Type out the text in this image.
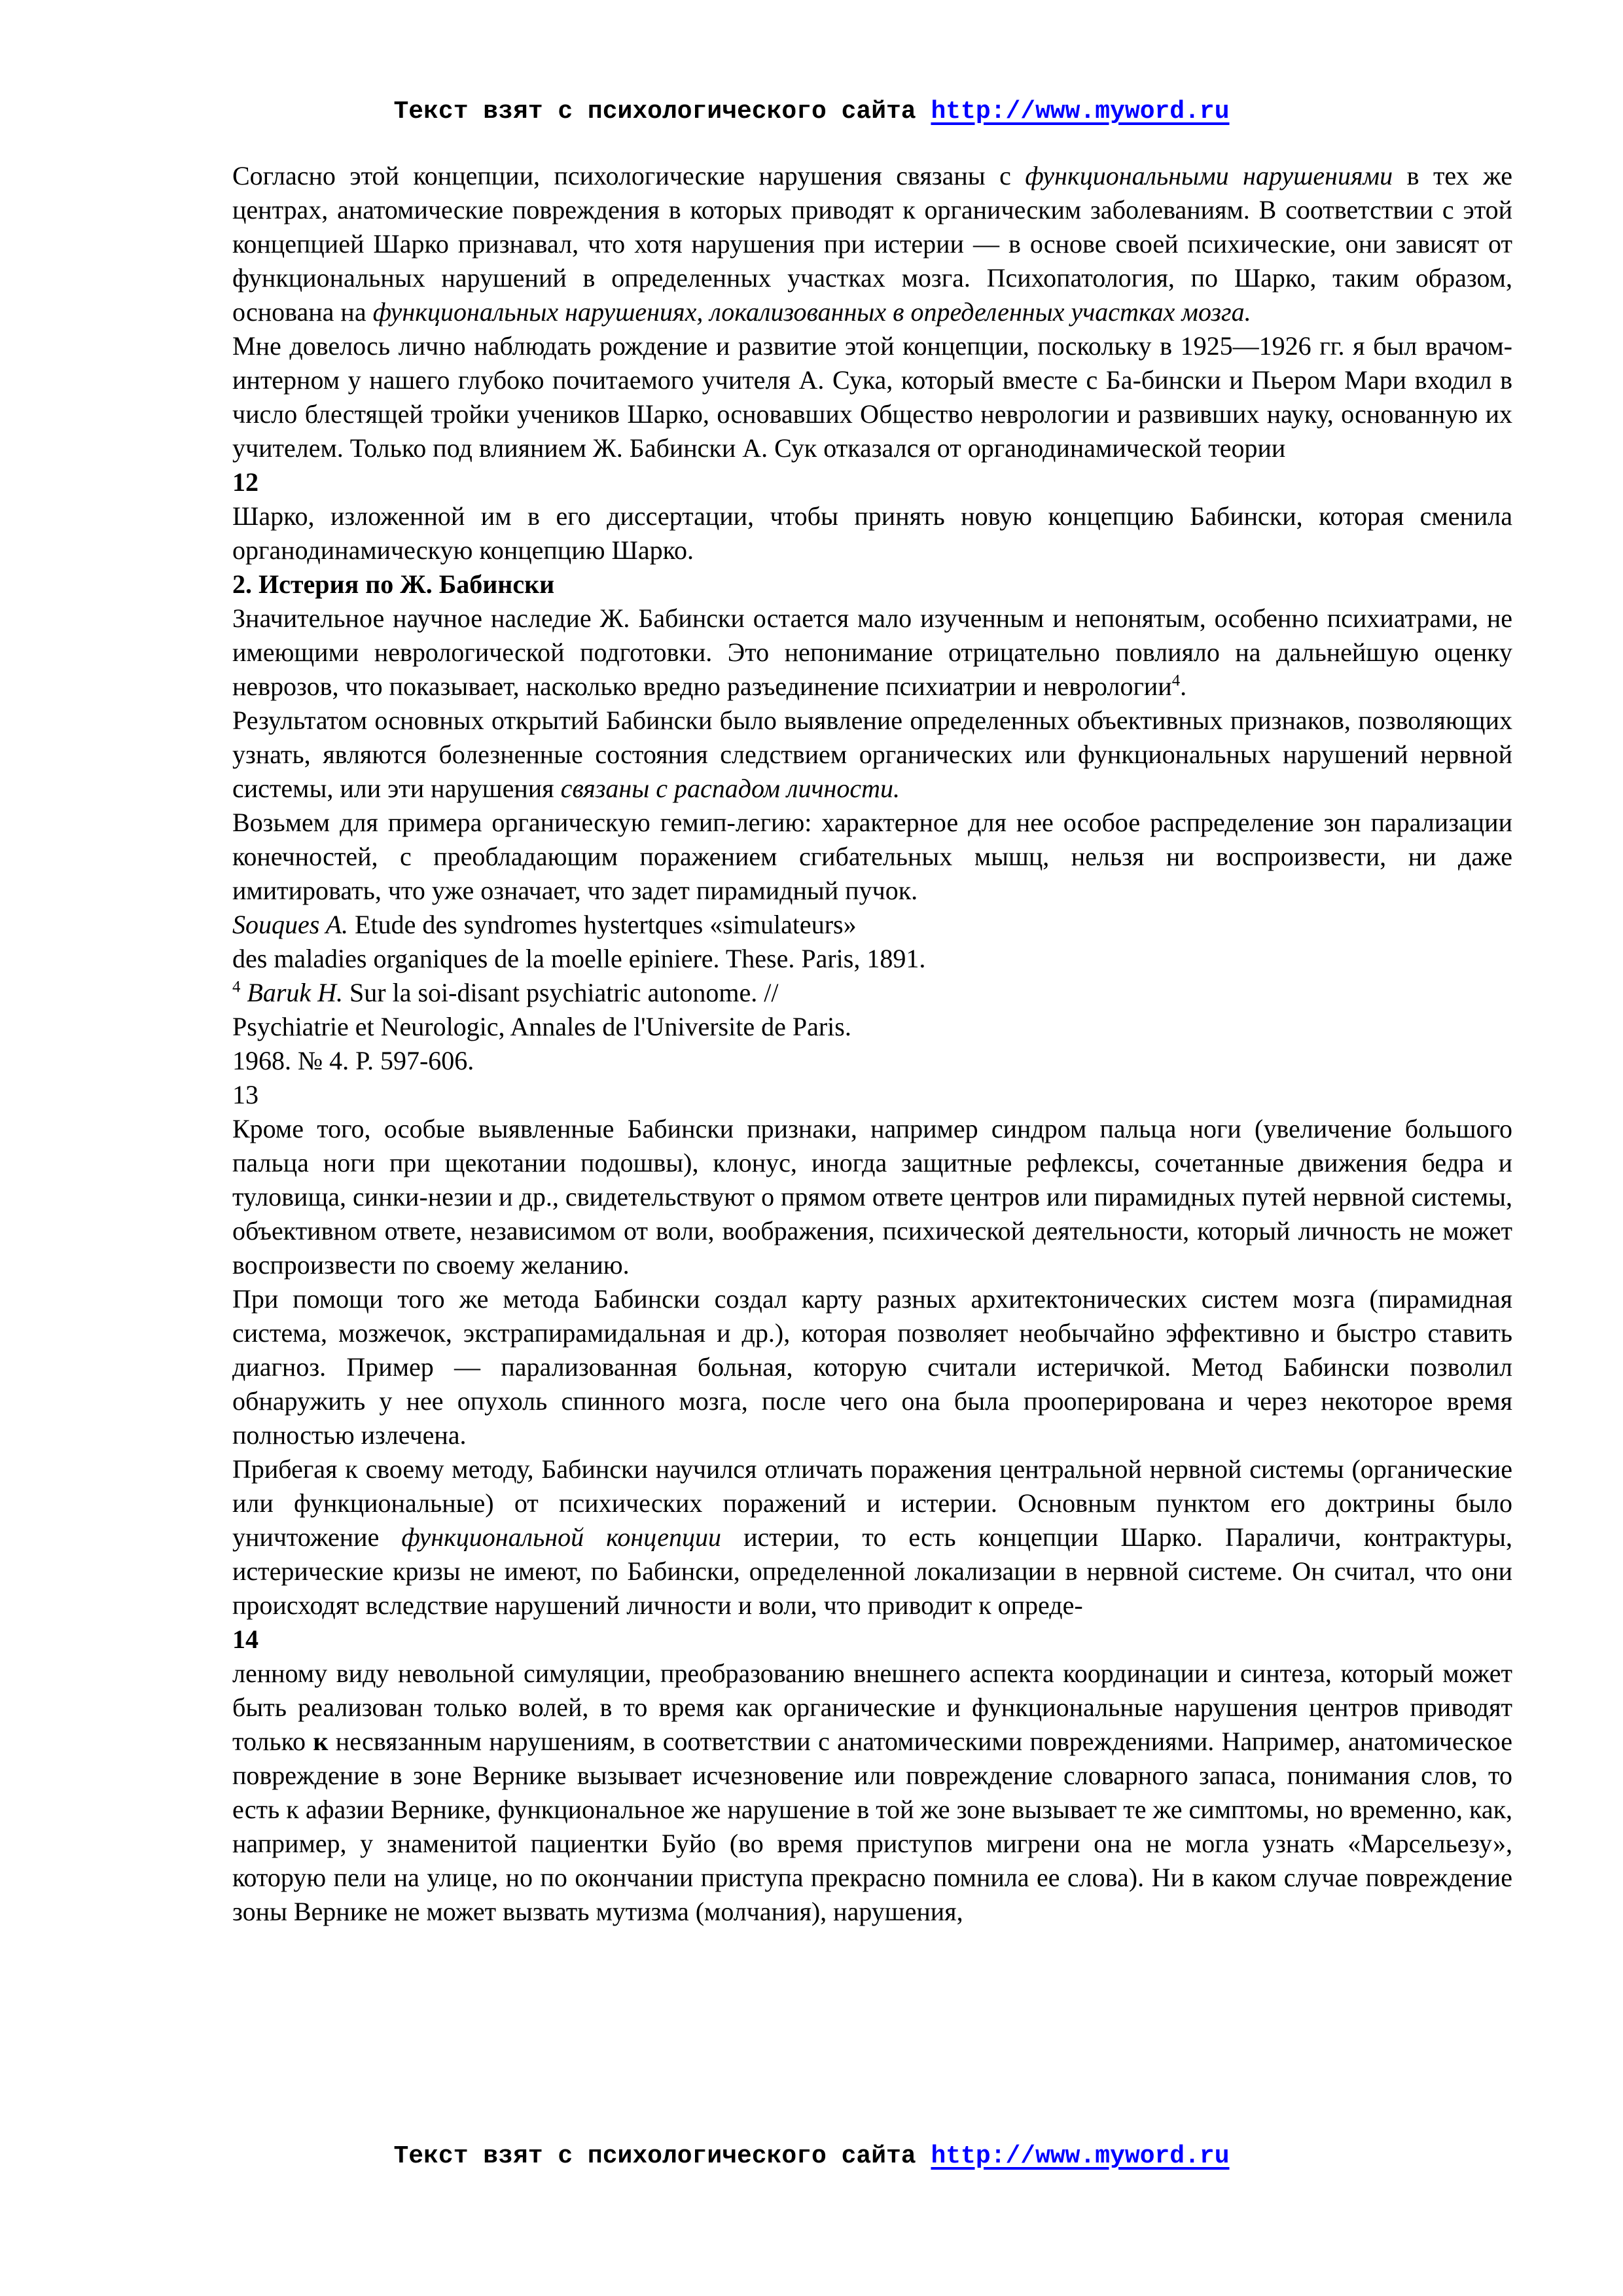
Текст взят с психологического сайта http://www.myword.ru

Согласно этой концепции, психологические нарушения связаны с функциональными нарушениями в тех же центрах, анатомические повреждения в которых приводят к органическим заболеваниям. В соответствии с этой концепцией Шарко признавал, что хотя нарушения при истерии — в основе своей психические, они зависят от функциональных нарушений в определенных участках мозга. Психопатология, по Шарко, таким образом, основана на функциональных нарушениях, локализованных в определенных участках мозга.

Мне довелось лично наблюдать рождение и развитие этой концепции, поскольку в 1925—1926 гг. я был врачом-интерном у нашего глубоко почитаемого учителя А. Сука, который вместе с Ба-бински и Пьером Мари входил в число блестящей тройки учеников Шарко, основавших Общество неврологии и развивших науку, основанную их учителем. Только под влиянием Ж. Бабински А. Сук отказался от органодинамической теории

12

Шарко, изложенной им в его диссертации, чтобы принять новую концепцию Бабински, которая сменила органодинамическую концепцию Шарко.

2. Истерия по Ж. Бабински

Значительное научное наследие Ж. Бабински остается мало изученным и непонятым, особенно психиатрами, не имеющими неврологической подготовки. Это непонимание отрицательно повлияло на дальнейшую оценку неврозов, что показывает, насколько вредно разъединение психиатрии и неврологии$^4$.

Результатом основных открытий Бабински было выявление определенных объективных признаков, позволяющих узнать, являются болезненные состояния следствием органических или функциональных нарушений нервной системы, или эти нарушения связаны с распадом личности.

Возьмем для примера органическую гемип-легию: характерное для нее особое распределение зон парализации конечностей, с преобладающим поражением сгибательных мышц, нельзя ни воспроизвести, ни даже имитировать, что уже означает, что задет пирамидный пучок.

Souques A. Etude des syndromes hystertques «simulateurs»

des maladies organiques de la moelle epiniere. These. Paris, 1891.

$^4$ Baruk H. Sur la soi-disant psychiatric autonome. //

Psychiatrie et Neurologic, Annales de l'Universite de Paris.

1968. № 4. P. 597-606.

13

Кроме того, особые выявленные Бабински признаки, например синдром пальца ноги (увеличение большого пальца ноги при щекотании подошвы), клонус, иногда защитные рефлексы, сочетанные движения бедра и туловища, синки-незии и др., свидетельствуют о прямом ответе центров или пирамидных путей нервной системы, объективном ответе, независимом от воли, воображения, психической деятельности, который личность не может воспроизвести по своему желанию.

При помощи того же метода Бабински создал карту разных архитектонических систем мозга (пирамидная система, мозжечок, экстрапирамидальная и др.), которая позволяет необычайно эффективно и быстро ставить диагноз. Пример — парализованная больная, которую считали истеричкой. Метод Бабински позволил обнаружить у нее опухоль спинного мозга, после чего она была прооперирована и через некоторое время полностью излечена.

Прибегая к своему методу, Бабински научился отличать поражения центральной нервной системы (органические или функциональные) от психических поражений и истерии. Основным пунктом его доктрины было уничтожение функциональной концепции истерии, то есть концепции Шарко. Параличи, контрактуры, истерические кризы не имеют, по Бабински, определенной локализации в нервной системе. Он считал, что они происходят вследствие нарушений личности и воли, что приводит к опреде-

14

ленному виду невольной симуляции, преобразованию внешнего аспекта координации и синтеза, который может быть реализован только волей, в то время как органические и функциональные нарушения центров приводят только к несвязанным нарушениям, в соответствии с анатомическими повреждениями. Например, анатомическое повреждение в зоне Вернике вызывает исчезновение или повреждение словарного запаса, понимания слов, то есть к афазии Вернике, функциональное же нарушение в той же зоне вызывает те же симптомы, но временно, как, например, у знаменитой пациентки Буйо (во время приступов мигрени она не могла узнать «Марсельезу», которую пели на улице, но по окончании приступа прекрасно помнила ее слова). Ни в каком случае повреждение зоны Вернике не может вызвать мутизма (молчания), нарушения,

Текст взят с психологического сайта http://www.myword.ru
